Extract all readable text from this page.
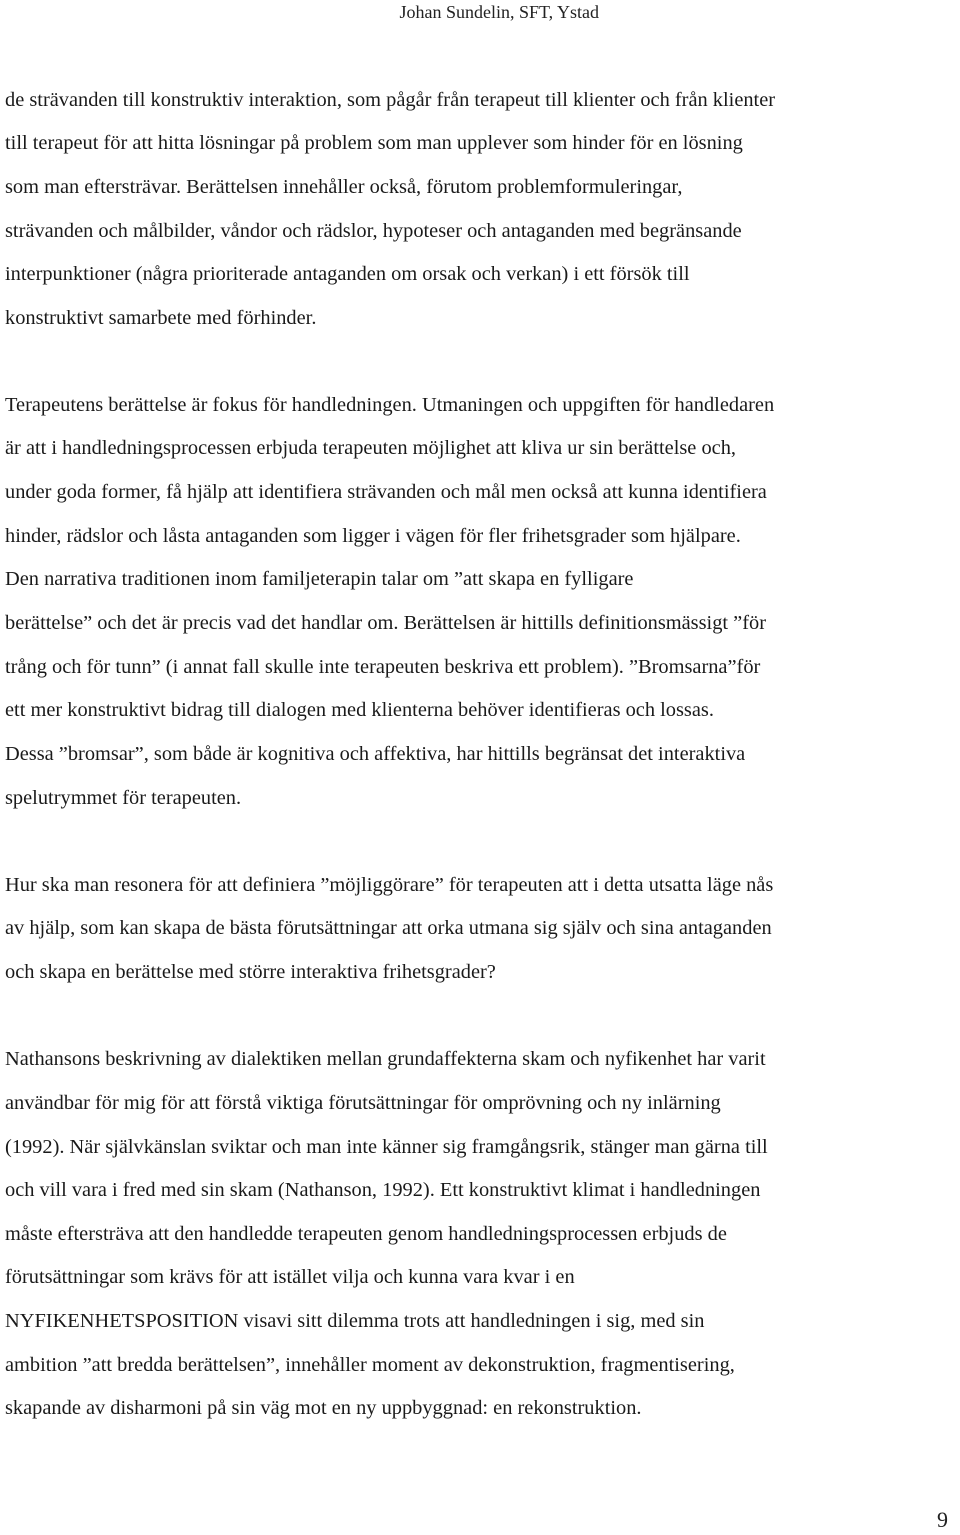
Johan Sundelin, SFT, Ystad
de strävanden till konstruktiv interaktion, som pågår från terapeut till klienter och från klienter
till terapeut för att hitta lösningar på problem som man upplever som hinder för en lösning
som man eftersträvar. Berättelsen innehåller också, förutom problemformuleringar,
strävanden och målbilder, våndor och rädslor, hypoteser och antaganden med begränsande
interpunktioner (några prioriterade antaganden om orsak och verkan) i ett försök till
konstruktivt samarbete med förhinder.
Terapeutens berättelse är fokus för handledningen. Utmaningen och uppgiften för handledaren
är att i handledningsprocessen erbjuda terapeuten möjlighet att kliva ur sin berättelse och,
under goda former, få hjälp att identifiera strävanden och mål men också att kunna identifiera
hinder, rädslor och låsta antaganden som ligger i vägen för fler frihetsgrader som hjälpare.
Den narrativa traditionen inom familjeterapin talar om ”att skapa en fylligare
berättelse” och det är precis vad det handlar om. Berättelsen är hittills definitionsmässigt ”för
trång och för tunn” (i annat fall skulle inte terapeuten beskriva ett problem). ”Bromsarna”för
ett mer konstruktivt bidrag till dialogen med klienterna behöver identifieras och lossas.
Dessa ”bromsar”, som både är kognitiva och affektiva, har hittills begränsat det interaktiva
spelutrymmet för terapeuten.
Hur ska man resonera för att definiera ”möjliggörare” för terapeuten att i detta utsatta läge nås
av hjälp, som kan skapa de bästa förutsättningar att orka utmana sig själv och sina antaganden
och skapa en berättelse med större interaktiva frihetsgrader?
Nathansons beskrivning av dialektiken mellan grundaffekterna skam och nyfikenhet har varit
användbar för mig för att förstå viktiga förutsättningar för omprövning och ny inlärning
(1992). När självkänslan sviktar och man inte känner sig framgångsrik, stänger man gärna till
och vill vara i fred med sin skam (Nathanson, 1992). Ett konstruktivt klimat i handledningen
måste eftersträva att den handledde terapeuten genom handledningsprocessen erbjuds de
förutsättningar som krävs för att istället vilja och kunna vara kvar i en
NYFIKENHETSPOSITION visavi sitt dilemma trots att handledningen i sig, med sin
ambition ”att bredda berättelsen”, innehåller moment av dekonstruktion, fragmentisering,
skapande av disharmoni på sin väg mot en ny uppbyggnad: en rekonstruktion.
9
